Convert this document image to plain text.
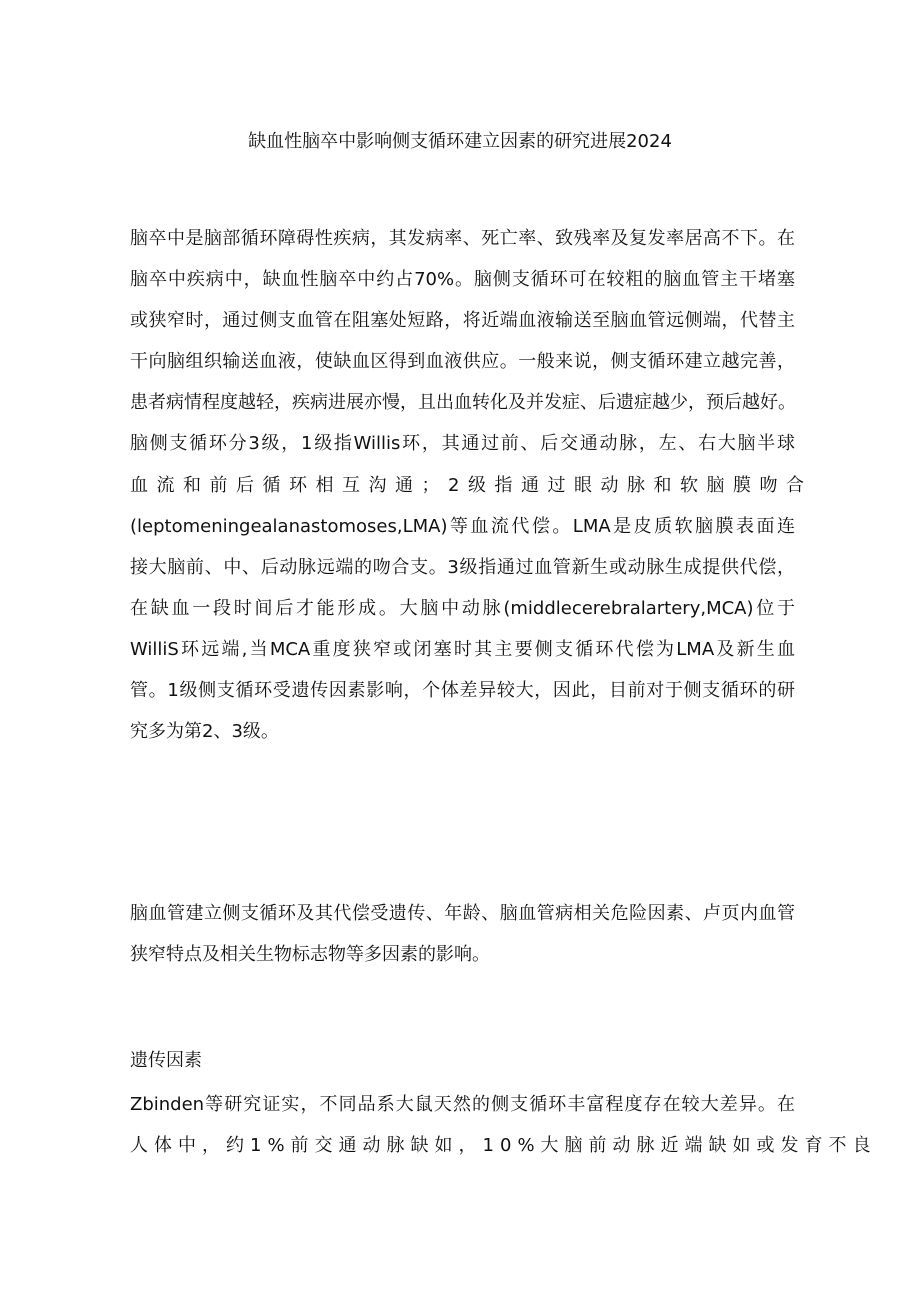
缺血性脑卒中影响侧支循环建立因素的研究进展2024
脑卒中是脑部循环障碍性疾病，其发病率、死亡率、致残率及复发率居高不下。在
脑卒中疾病中，缺血性脑卒中约占70%。脑侧支循环可在较粗的脑血管主干堵塞
或狭窄时，通过侧支血管在阻塞处短路，将近端血液输送至脑血管远侧端，代替主
干向脑组织输送血液，使缺血区得到血液供应。一般来说，侧支循环建立越完善，
患者病情程度越轻，疾病进展亦慢，且出血转化及并发症、后遗症越少，预后越好。
脑侧支循环分3级，1级指Willis环，其通过前、后交通动脉，左、右大脑半球
血流和前后循环相互沟通；2级指通过眼动脉和软脑膜吻合
(leptomeningealanastomoses,LMA)等血流代偿。LMA是皮质软脑膜表面连
接大脑前、中、后动脉远端的吻合支。3级指通过血管新生或动脉生成提供代偿，
在缺血一段时间后才能形成。大脑中动脉(middlecerebralartery,MCA)位于
WilliS环远端,当MCA重度狭窄或闭塞时其主要侧支循环代偿为LMA及新生血
管。1级侧支循环受遗传因素影响，个体差异较大，因此，目前对于侧支循环的研
究多为第2、3级。
脑血管建立侧支循环及其代偿受遗传、年龄、脑血管病相关危险因素、卢页内血管
狭窄特点及相关生物标志物等多因素的影响。
遗传因素
Zbinden等研究证实，不同品系大鼠天然的侧支循环丰富程度存在较大差异。在
人体中，约1%前交通动脉缺如，10%大脑前动脉近端缺如或发育不良
